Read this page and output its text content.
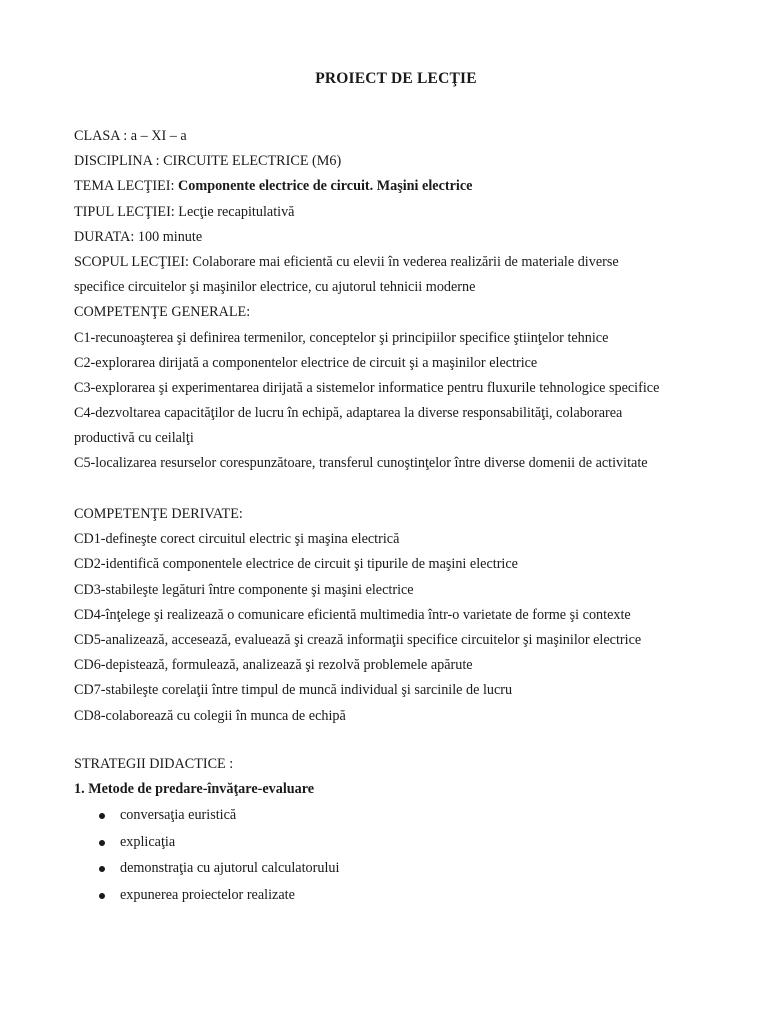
PROIECT DE LECŢIE
CLASA : a – XI – a
DISCIPLINA : CIRCUITE ELECTRICE (M6)
TEMA LECŢIEI: Componente electrice de circuit. Maşini electrice
TIPUL LECŢIEI: Lecţie recapitulativă
DURATA: 100 minute
SCOPUL LECŢIEI: Colaborare mai eficientă cu elevii în vederea realizării de materiale diverse
specifice circuitelor şi maşinilor electrice, cu ajutorul tehnicii moderne
COMPETENŢE GENERALE:
C1-recunoaşterea şi definirea termenilor, conceptelor şi principiilor specifice ştiinţelor tehnice
C2-explorarea dirijată a componentelor electrice de circuit şi a maşinilor electrice
C3-explorarea şi experimentarea dirijată a sistemelor informatice pentru fluxurile tehnologice specifice
C4-dezvoltarea capacităţilor de lucru în echipă, adaptarea la diverse responsabilităţi, colaborarea
productivă cu ceilalţi
C5-localizarea resurselor corespunzătoare, transferul cunoştinţelor între diverse domenii de activitate
COMPETENŢE DERIVATE:
CD1-defineşte corect circuitul electric şi maşina electrică
CD2-identifică componentele electrice de circuit şi tipurile de maşini electrice
CD3-stabileşte legături între componente şi maşini electrice
CD4-înţelege şi realizează o comunicare eficientă multimedia într-o varietate de forme şi contexte
CD5-analizează, accesează, evaluează şi crează informaţii specifice circuitelor şi maşinilor electrice
CD6-depistează, formulează, analizează şi rezolvă problemele apărute
CD7-stabileşte corelaţii între timpul de muncă individual şi sarcinile de lucru
CD8-colaborează cu colegii în munca de echipă
STRATEGII DIDACTICE :
1. Metode de predare-învăţare-evaluare
conversaţia euristică
explicaţia
demonstraţia cu ajutorul calculatorului
expunerea proiectelor realizate
